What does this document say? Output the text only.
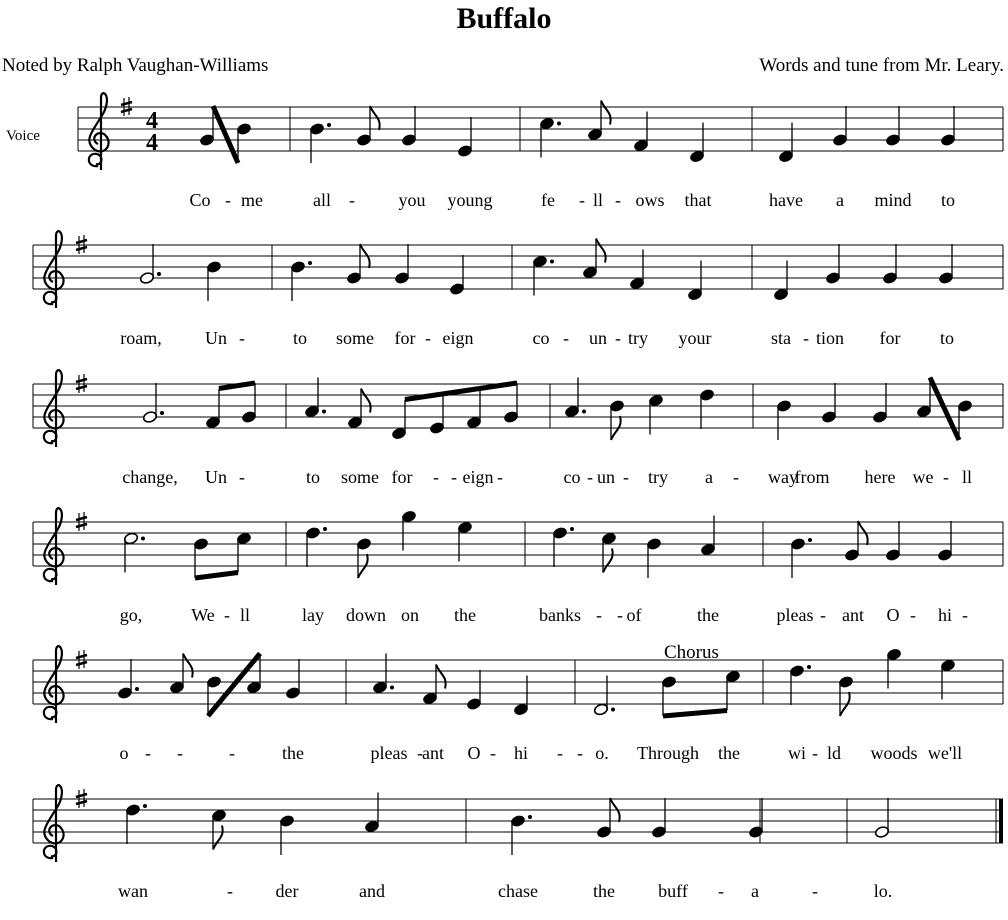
Buffalo
Noted by Ralph Vaughan-Williams	Words and tune from Mr. Leary.
Voice
Chorus
4
4
Co - me	all - you young	fe - ll - ows that	have a mind to
roam, Un -	to some for - eign	co - un - try your	sta - tion for to
change, Un -	to some for - - eign -	co - un - try a - way
from here we - ll
go,	We - ll	lay down on the	banks - - of	the	pleas - ant O - hi -
o - -	-	the	pleas - ant O - hi - - o. Through the	wi - ld woods we'll
wan	- der	and	chase	the buff - a	-	lo.
